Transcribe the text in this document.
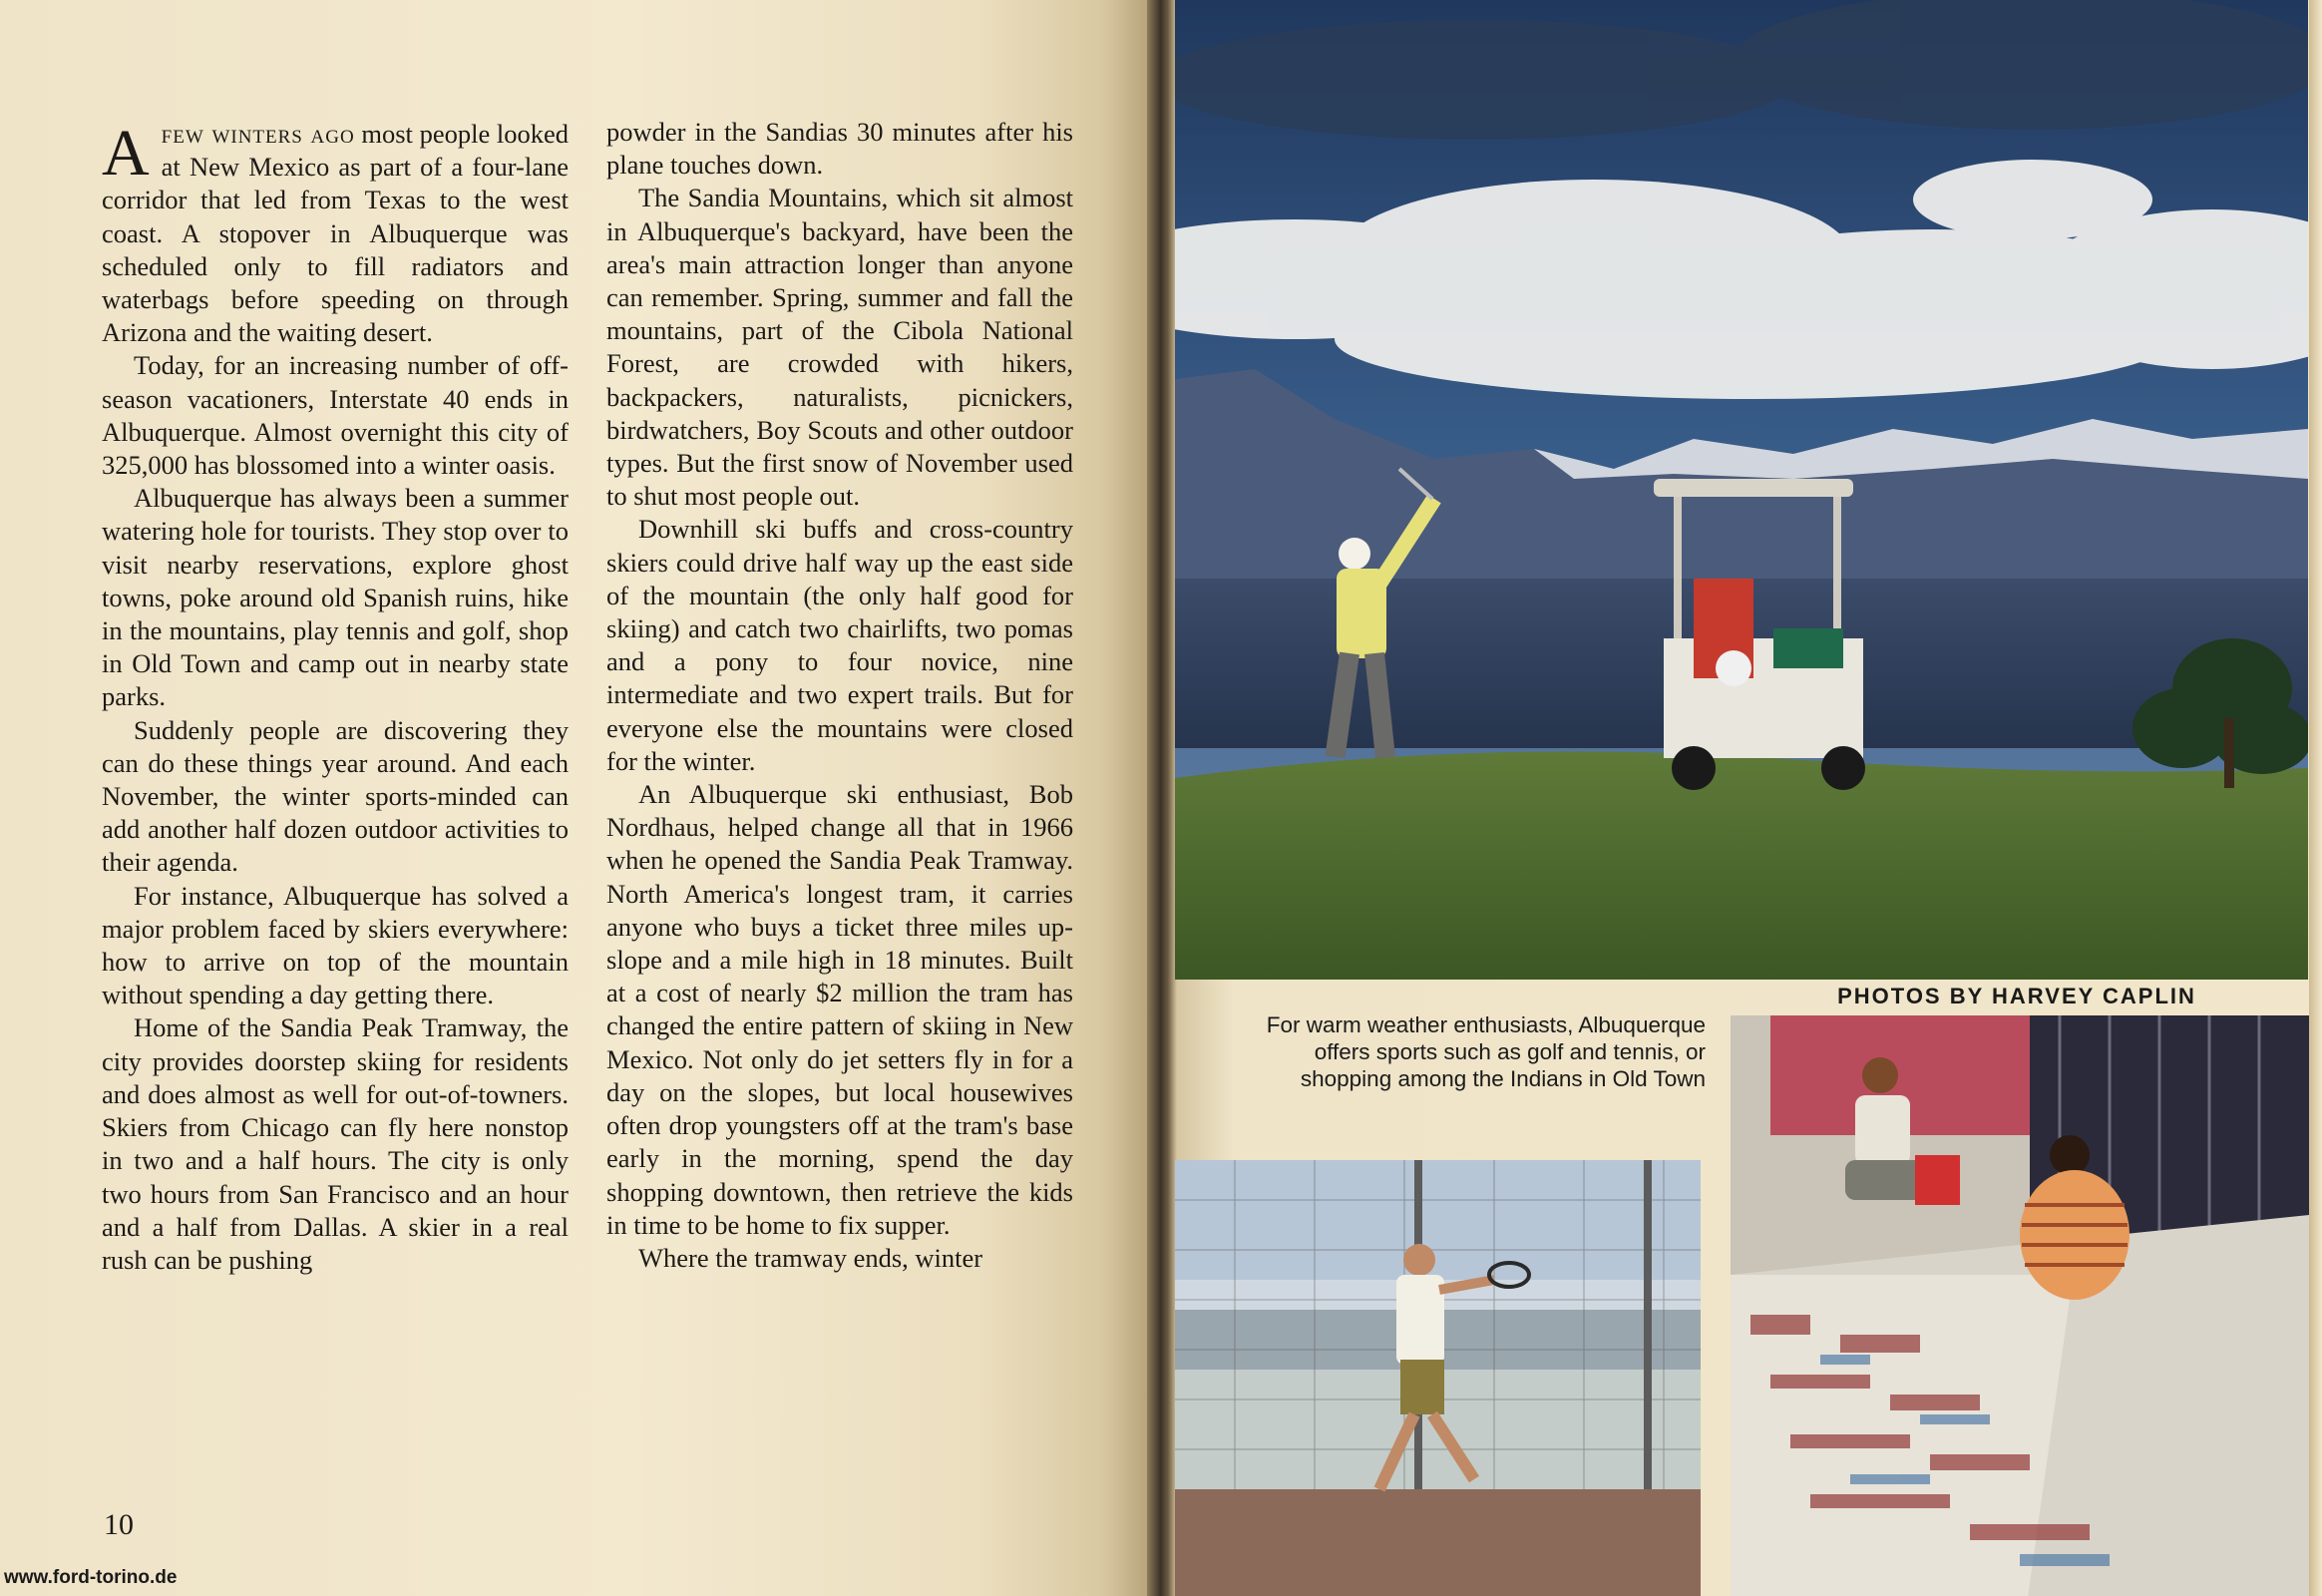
Afew winters ago most people looked at New Mexico as part of a four-lane corridor that led from Texas to the west coast. A stopover in Albuquerque was scheduled only to fill radiators and waterbags before speeding on through Arizona and the waiting desert.

Today, for an increasing number of off-season vacationers, Interstate 40 ends in Albuquerque. Almost overnight this city of 325,000 has blossomed into a winter oasis.

Albuquerque has always been a summer watering hole for tourists. They stop over to visit nearby reservations, explore ghost towns, poke around old Spanish ruins, hike in the mountains, play tennis and golf, shop in Old Town and camp out in nearby state parks.

Suddenly people are discovering they can do these things year around. And each November, the winter sports-minded can add another half dozen outdoor activities to their agenda.

For instance, Albuquerque has solved a major problem faced by skiers everywhere: how to arrive on top of the mountain without spending a day getting there.

Home of the Sandia Peak Tramway, the city provides doorstep skiing for residents and does almost as well for out-of-towners. Skiers from Chicago can fly here nonstop in two and a half hours. The city is only two hours from San Francisco and an hour and a half from Dallas. A skier in a real rush can be pushing

powder in the Sandias 30 minutes after his plane touches down.

The Sandia Mountains, which sit almost in Albuquerque's backyard, have been the area's main attraction longer than anyone can remember. Spring, summer and fall the mountains, part of the Cibola National Forest, are crowded with hikers, backpackers, naturalists, picnickers, birdwatchers, Boy Scouts and other outdoor types. But the first snow of November used to shut most people out.

Downhill ski buffs and cross-country skiers could drive half way up the east side of the mountain (the only half good for skiing) and catch two chairlifts, two pomas and a pony to four novice, nine intermediate and two expert trails. But for everyone else the mountains were closed for the winter.

An Albuquerque ski enthusiast, Bob Nordhaus, helped change all that in 1966 when he opened the Sandia Peak Tramway. North America's longest tram, it carries anyone who buys a ticket three miles up-slope and a mile high in 18 minutes. Built at a cost of nearly $2 million the tram has changed the entire pattern of skiing in New Mexico. Not only do jet setters fly in for a day on the slopes, but local housewives often drop youngsters off at the tram's base early in the morning, spend the day shopping downtown, then retrieve the kids in time to be home to fix supper.

Where the tramway ends, winter

10
www.ford-torino.de
PHOTOS BY HARVEY CAPLIN
For warm weather enthusiasts, Albuquerque offers sports such as golf and tennis, or shopping among the Indians in Old Town
